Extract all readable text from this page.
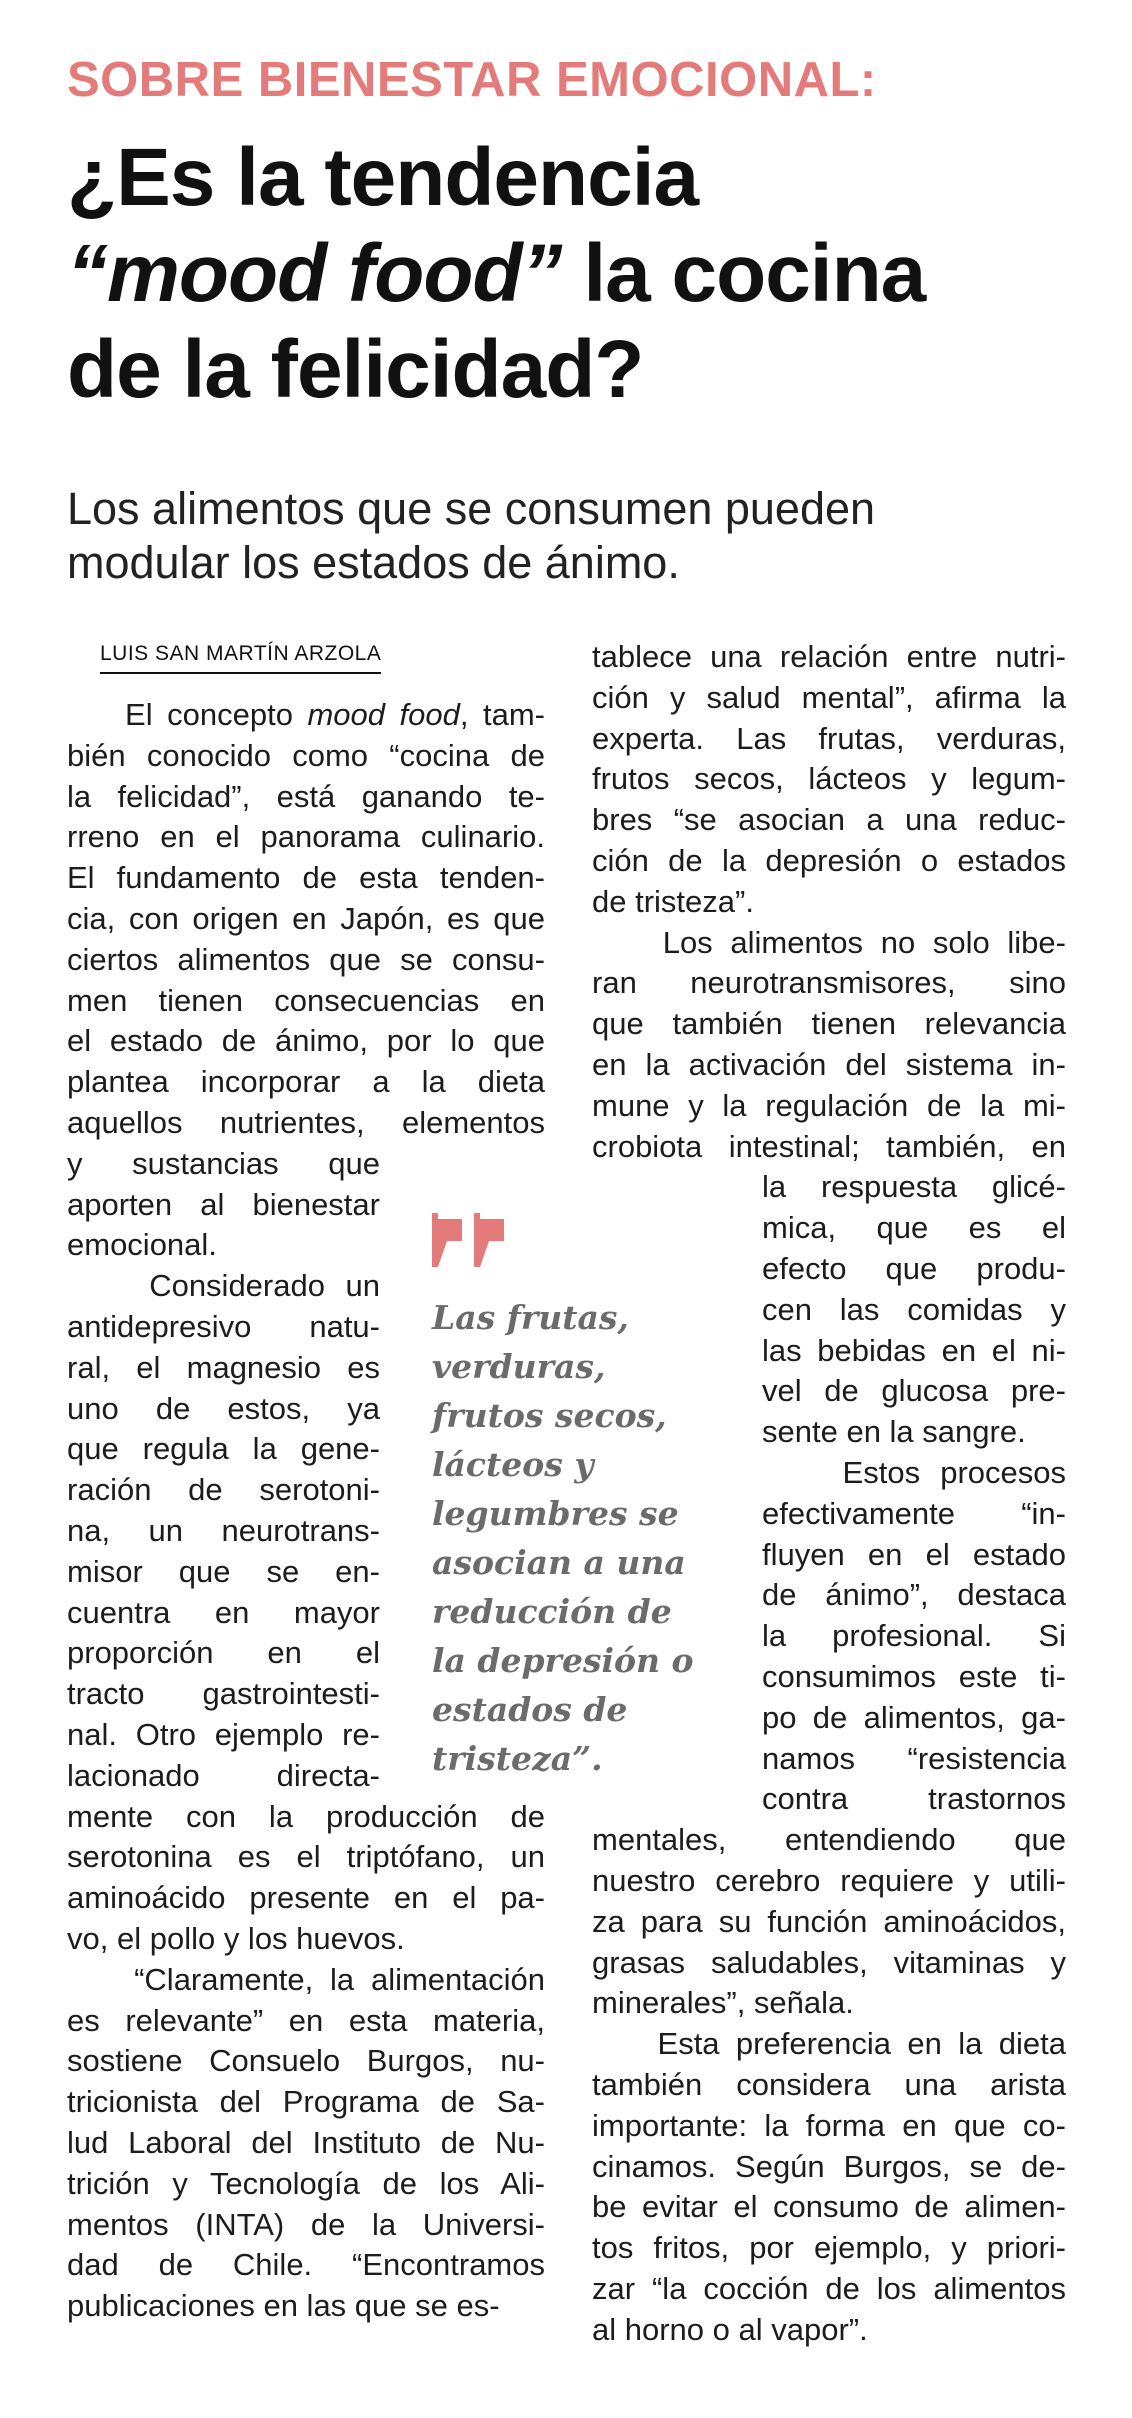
SOBRE BIENESTAR EMOCIONAL:
¿Es la tendencia
“mood food” la cocina
de la felicidad?

Los alimentos que se consumen pueden
modular los estados de ánimo.

LUIS SAN MARTÍN ARZOLA
El concepto mood food, tam-
bién conocido como “cocina de
la felicidad”, está ganando te-
rreno en el panorama culinario.
El fundamento de esta tenden-
cia, con origen en Japón, es que
ciertos alimentos que se consu-
men tienen consecuencias en
el estado de ánimo, por lo que
plantea incorporar a la dieta
aquellos nutrientes, elementos
y sustancias que
aporten al bienestar
emocional.
Considerado un
antidepresivo natu-
ral, el magnesio es
uno de estos, ya
que regula la gene-
ración de serotoni-
na, un neurotrans-
misor que se en-
cuentra en mayor
proporción en el
tracto gastrointesti-
nal. Otro ejemplo re-
lacionado directa-
mente con la producción de
serotonina es el triptófano, un
aminoácido presente en el pa-
vo, el pollo y los huevos.
“Claramente, la alimentación
es relevante” en esta materia,
sostiene Consuelo Burgos, nu-
tricionista del Programa de Sa-
lud Laboral del Instituto de Nu-
trición y Tecnología de los Ali-
mentos (INTA) de la Universi-
dad de Chile. “Encontramos
publicaciones en las que se es-
tablece una relación entre nutri-
ción y salud mental”, afirma la
experta. Las frutas, verduras,
frutos secos, lácteos y legum-
bres “se asocian a una reduc-
ción de la depresión o estados
de tristeza”.
Los alimentos no solo libe-
ran neurotransmisores, sino
que también tienen relevancia
en la activación del sistema in-
mune y la regulación de la mi-
crobiota intestinal; también, en
la respuesta glicé-
mica, que es el
efecto que produ-
cen las comidas y
las bebidas en el ni-
vel de glucosa pre-
sente en la sangre.
Estos procesos
efectivamente “in-
fluyen en el estado
de ánimo”, destaca
la profesional. Si
consumimos este ti-
po de alimentos, ga-
namos “resistencia
contra trastornos
mentales, entendiendo que
nuestro cerebro requiere y utili-
za para su función aminoácidos,
grasas saludables, vitaminas y
minerales”, señala.
Esta preferencia en la dieta
también considera una arista
importante: la forma en que co-
cinamos. Según Burgos, se de-
be evitar el consumo de alimen-
tos fritos, por ejemplo, y priori-
zar “la cocción de los alimentos
al horno o al vapor”.

Las frutas,
verduras,
frutos secos,
lácteos y
legumbres se
asocian a una
reducción de
la depresión o
estados de
tristeza”.
